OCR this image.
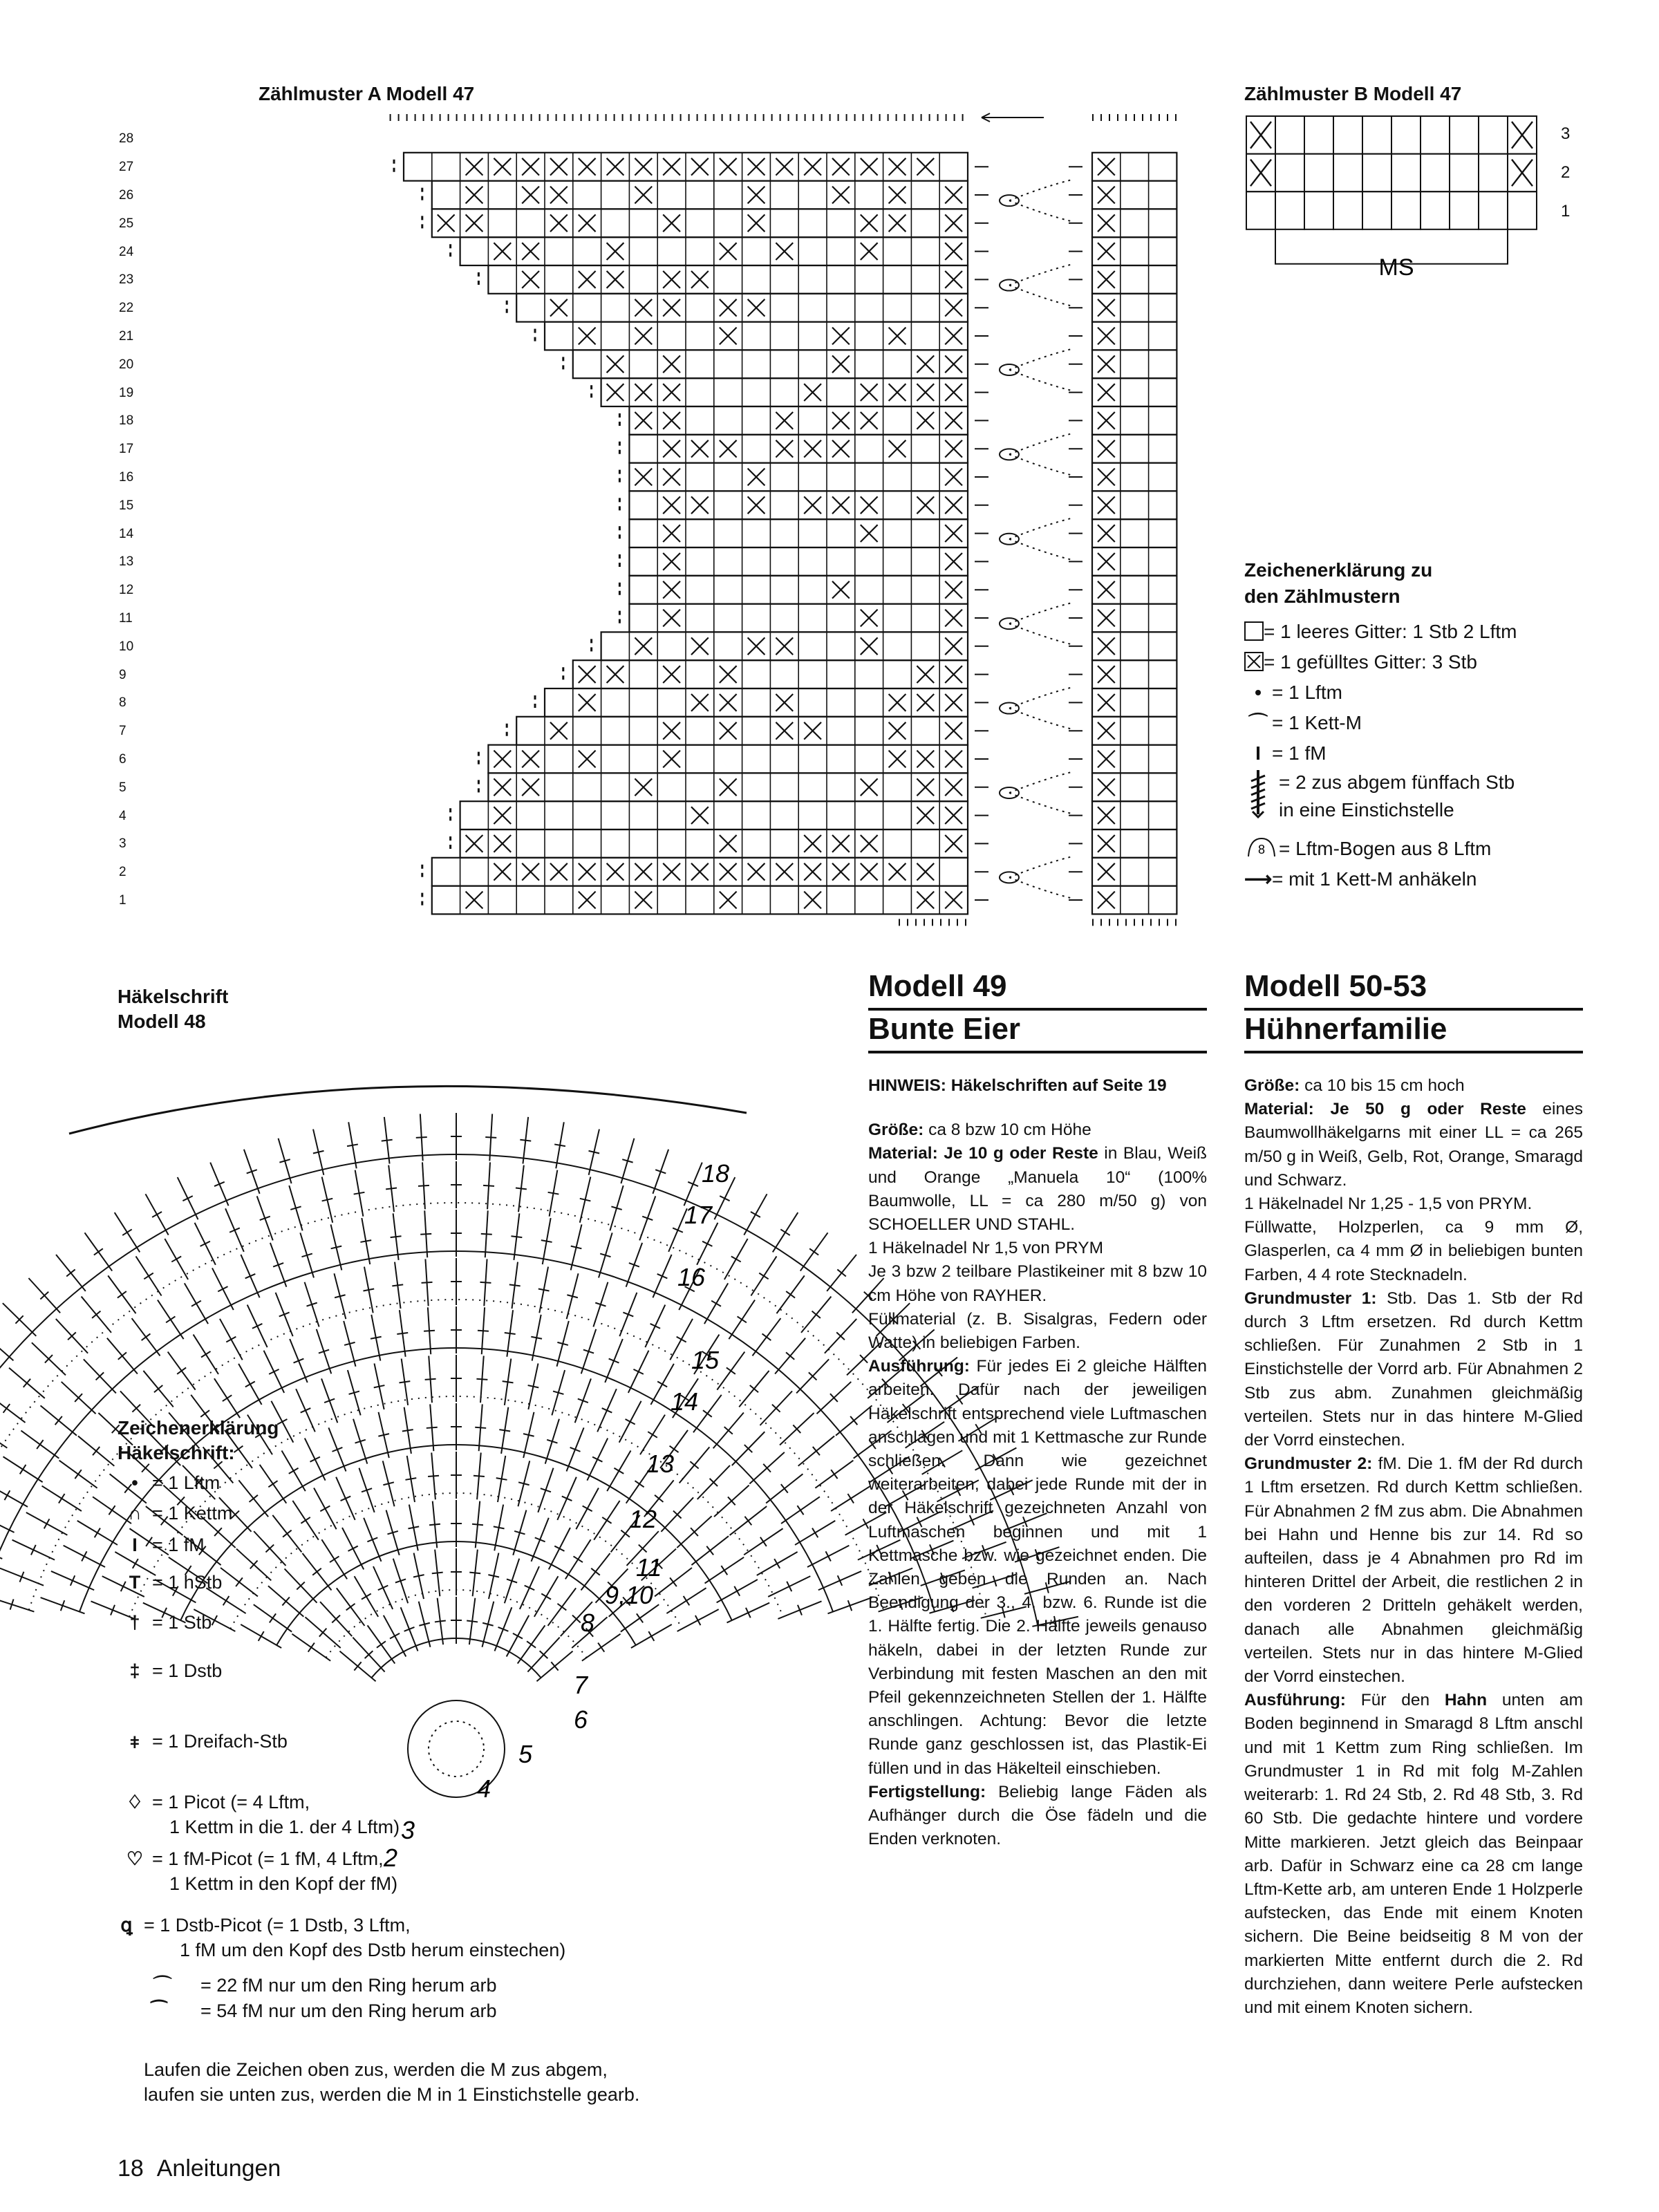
Zählmuster A Modell 47
28
27
26
25
24
23
22
21
20
19
18
17
16
15
14
13
12
11
10
9
8
7
6
5
4
3
2
1
Zählmuster B Modell 47
MS
3
2
1
Zeichenerklärung zu
den Zählmustern
= 1 leeres Gitter: 1 Stb 2 Lftm
= 1 gefülltes Gitter: 3 Stb
• = 1 Lftm
⌒ = 1 Kett-M
I = 1 fM
= 2 zus abgem fünffach Stb
in eine Einstichstelle
8 = Lftm-Bogen aus 8 Lftm
⟶= mit 1 Kett-M anhäkeln
Häkelschrift
Modell 48
18
17
16
15
14
13
12
11
9,10
8
7
6
5
4
3
2
Zeichenerklärung
Häkelschrift:
• = 1 Lftm
∩ = 1 Kettm
I = 1 fM
T = 1 hStb
† = 1 Stb
‡ = 1 Dstb
⧧ = 1 Dreifach-Stb
♢ = 1 Picot (= 4 Lftm,
1 Kettm in die 1. der 4 Lftm)
♡ = 1 fM-Picot (= 1 fM, 4 Lftm,
1 Kettm in den Kopf der fM)
ꝗ = 1 Dstb-Picot (= 1 Dstb, 3 Lftm,
1 fM um den Kopf des Dstb herum einstechen)
⌒ = 22 fM nur um den Ring herum arb
⁀ = 54 fM nur um den Ring herum arb
Laufen die Zeichen oben zus, werden die M zus abgem,
laufen sie unten zus, werden die M in 1 Einstichstelle gearb.
Modell 49
Bunte Eier

HINWEIS: Häkelschriften auf Seite 19

Größe: ca 8 bzw 10 cm Höhe

Material: Je 10 g oder Reste in Blau, Weiß und Orange „Manuela 10“ (100% Baumwolle, LL = ca 280 m/50 g) von SCHOELLER UND STAHL.

1 Häkelnadel Nr 1,5 von PRYM

Je 3 bzw 2 teilbare Plastikeiner mit 8 bzw 10 cm Höhe von RAYHER.

Füllmaterial (z. B. Sisalgras, Federn oder Watte) in beliebigen Farben.

Ausführung: Für jedes Ei 2 gleiche Hälften arbeiten. Dafür nach der jeweiligen Häkelschrift entsprechend viele Luftmaschen anschlagen und mit 1 Kettmasche zur Runde schließen. Dann wie gezeichnet weiterarbeiten, dabei jede Runde mit der in der Häkelschrift gezeichneten Anzahl von Luftmaschen beginnen und mit 1 Kettmasche bzw. wie gezeichnet enden. Die Zahlen geben die Runden an. Nach Beendigung der 3., 4. bzw. 6. Runde ist die 1. Hälfte fertig. Die 2. Hälfte jeweils genauso häkeln, dabei in der letzten Runde zur Verbindung mit festen Maschen an den mit Pfeil gekennzeichneten Stellen der 1. Hälfte anschlingen. Achtung: Bevor die letzte Runde ganz geschlossen ist, das Plastik-Ei füllen und in das Häkelteil einschieben.

Fertigstellung: Beliebig lange Fäden als Aufhänger durch die Öse fädeln und die Enden verknoten.

Modell 50-53
Hühnerfamilie

Größe: ca 10 bis 15 cm hoch

Material: Je 50 g oder Reste eines Baumwollhäkelgarns mit einer LL = ca 265 m/50 g in Weiß, Gelb, Rot, Orange, Smaragd und Schwarz.

1 Häkelnadel Nr 1,25 - 1,5 von PRYM.

Füllwatte, Holzperlen, ca 9 mm Ø, Glasperlen, ca 4 mm Ø in beliebigen bunten Farben, 4 4 rote Stecknadeln.

Grundmuster 1: Stb. Das 1. Stb der Rd durch 3 Lftm ersetzen. Rd durch Kettm schließen. Für Zunahmen 2 Stb in 1 Einstichstelle der Vorrd arb. Für Abnahmen 2 Stb zus abm. Zunahmen gleichmäßig verteilen. Stets nur in das hintere M-Glied der Vorrd einstechen.

Grundmuster 2: fM. Die 1. fM der Rd durch 1 Lftm ersetzen. Rd durch Kettm schließen. Für Abnahmen 2 fM zus abm. Die Abnahmen bei Hahn und Henne bis zur 14. Rd so aufteilen, dass je 4 Abnahmen pro Rd im hinteren Drittel der Arbeit, die restlichen 2 in den vorderen 2 Dritteln gehäkelt werden, danach alle Abnahmen gleichmäßig verteilen. Stets nur in das hintere M-Glied der Vorrd einstechen.

Ausführung: Für den Hahn unten am Boden beginnend in Smaragd 8 Lftm anschl und mit 1 Kettm zum Ring schließen. Im Grundmuster 1 in Rd mit folg M-Zahlen weiterarb: 1. Rd 24 Stb, 2. Rd 48 Stb, 3. Rd 60 Stb. Die gedachte hintere und vordere Mitte markieren. Jetzt gleich das Beinpaar arb. Dafür in Schwarz eine ca 28 cm lange Lftm-Kette arb, am unteren Ende 1 Holzperle aufstecken, das Ende mit einem Knoten sichern. Die Beine beidseitig 8 M von der markierten Mitte entfernt durch die 2. Rd durchziehen, dann weitere Perle aufstecken und mit einem Knoten sichern.

18 Anleitungen
